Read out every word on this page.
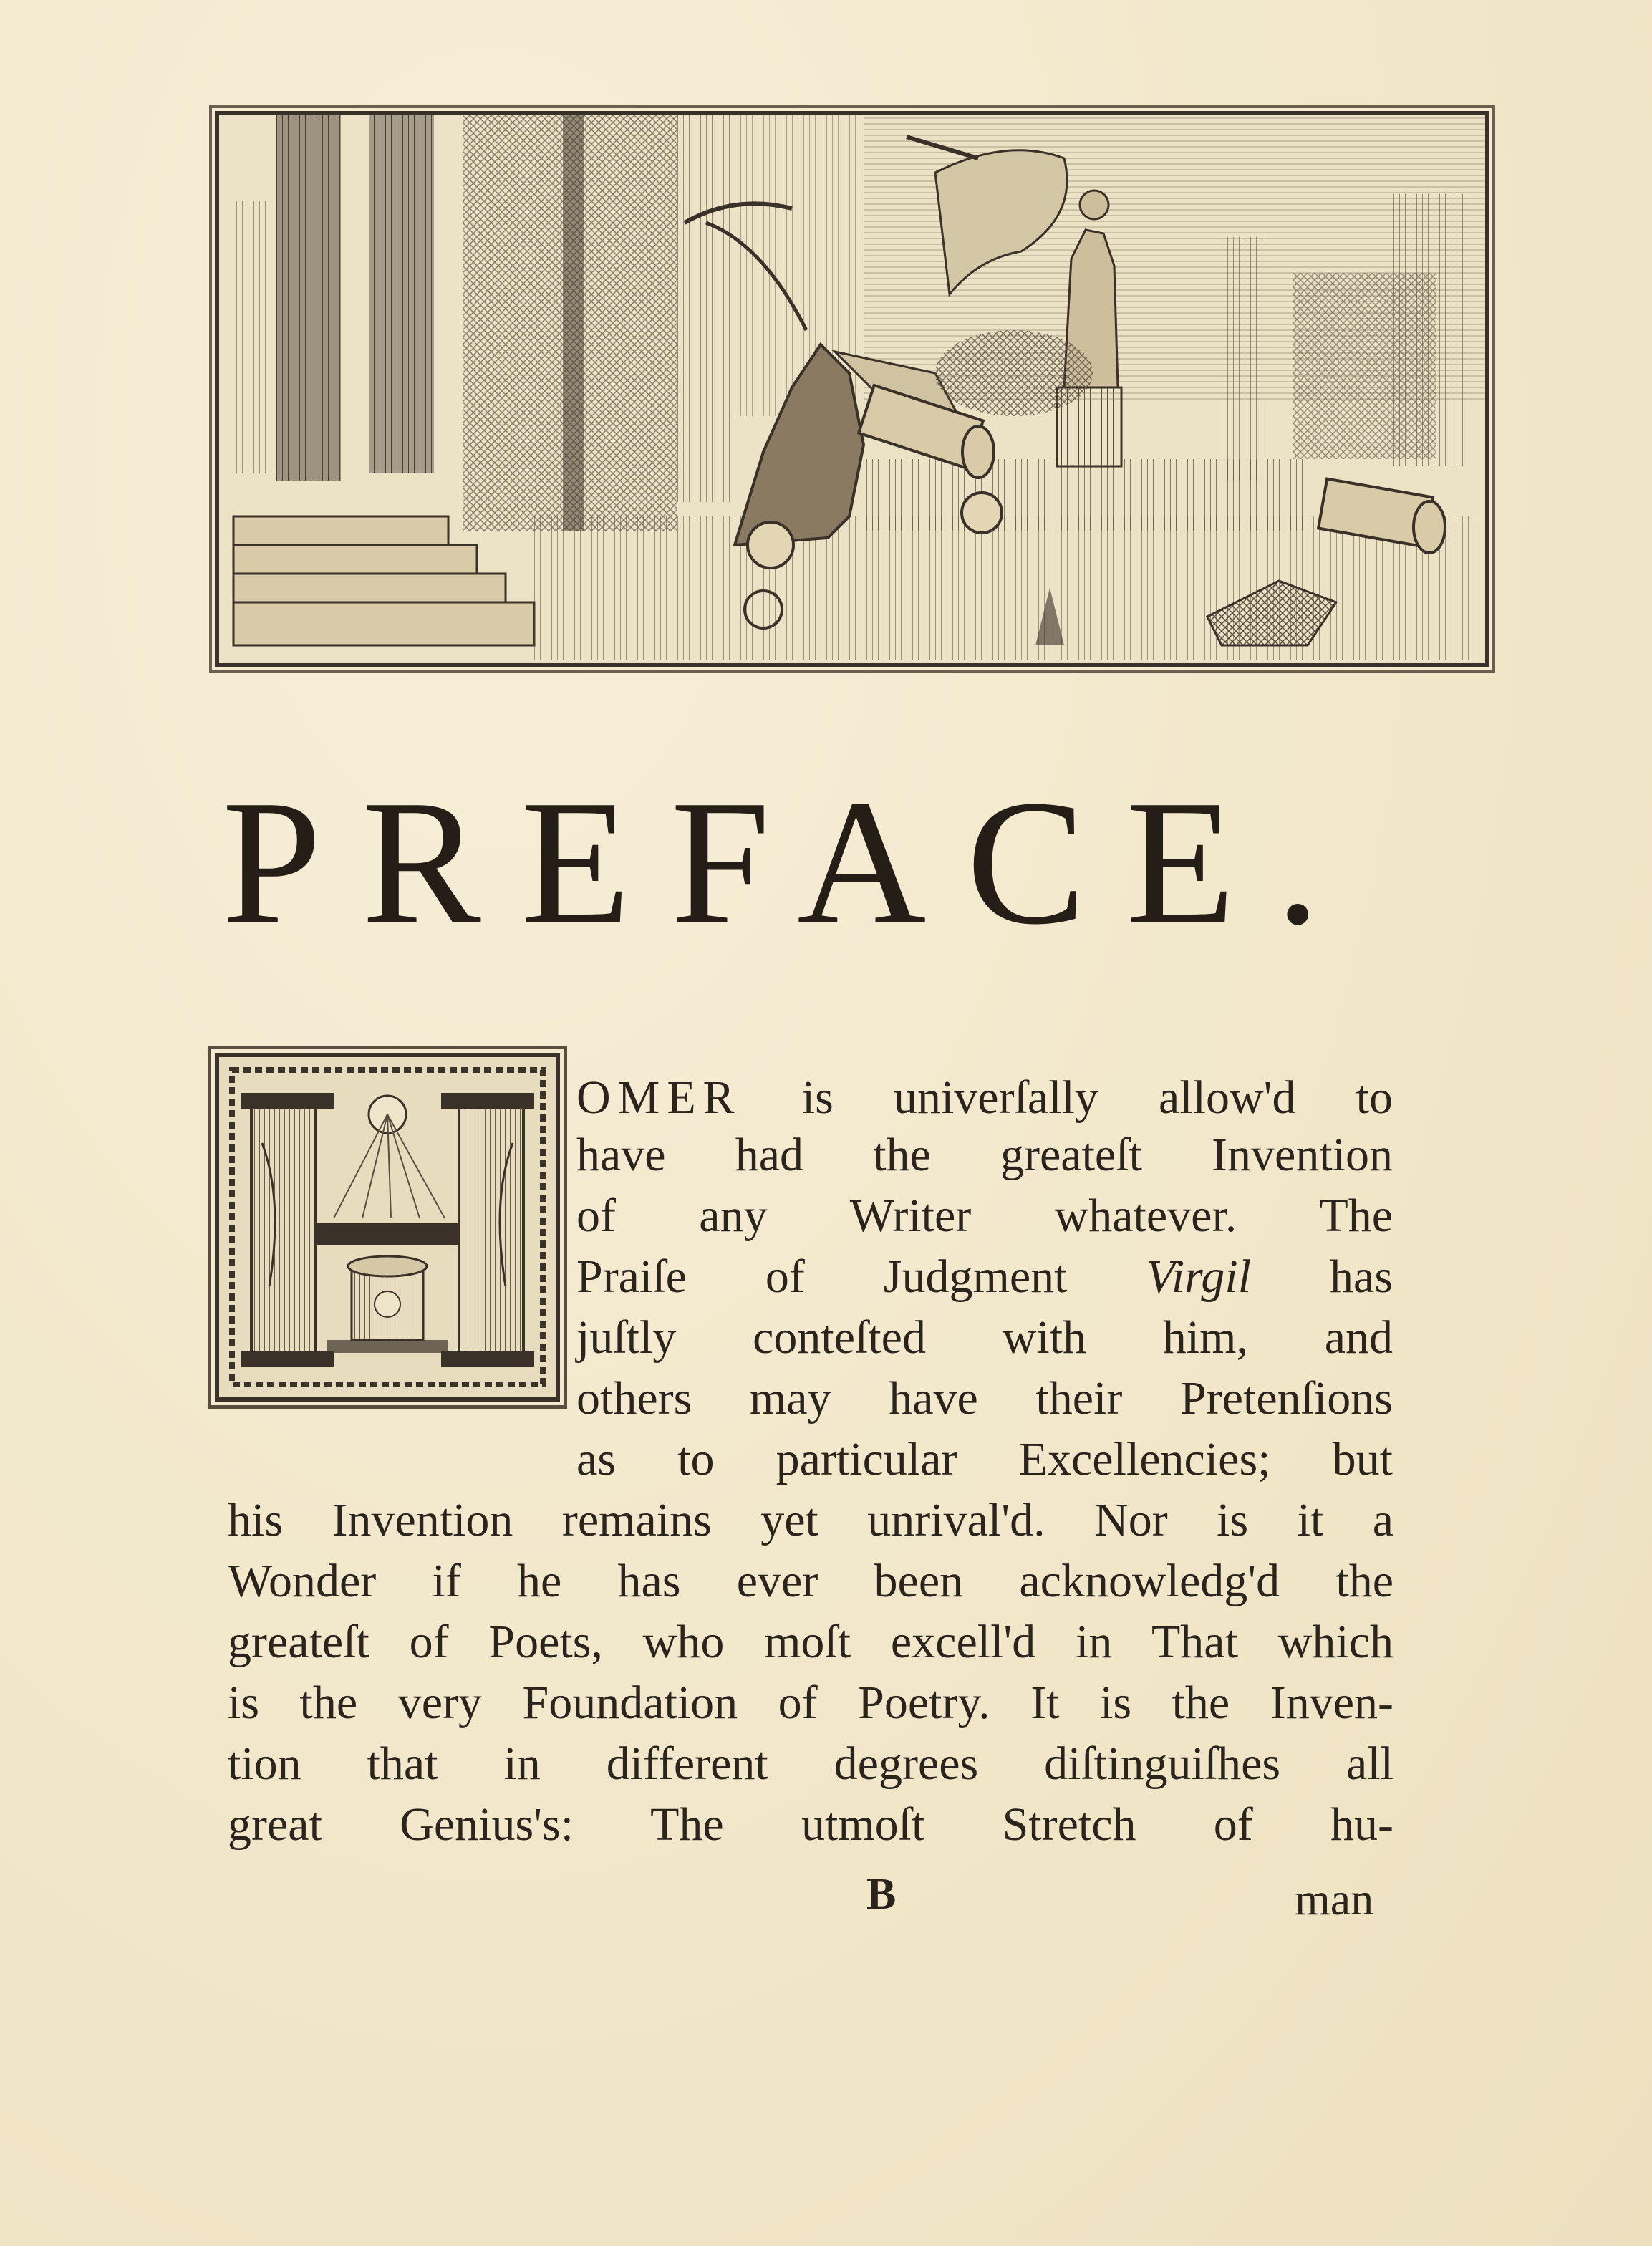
PREFACE.
OMER is univerſally allow'd to
have had the greateſt Invention
of any Writer whatever. The
Praiſe of Judgment Virgil has
juſtly conteſted with him, and
others may have their Pretenſions
as to particular Excellencies; but
his Invention remains yet unrival'd. Nor is it a
Wonder if he has ever been acknowledg'd the
greateſt of Poets, who moſt excell'd in That which
is the very Foundation of Poetry. It is the Inven-
tion that in different degrees diſtinguiſhes all
great Genius's: The utmoſt Stretch of hu-
B	man
